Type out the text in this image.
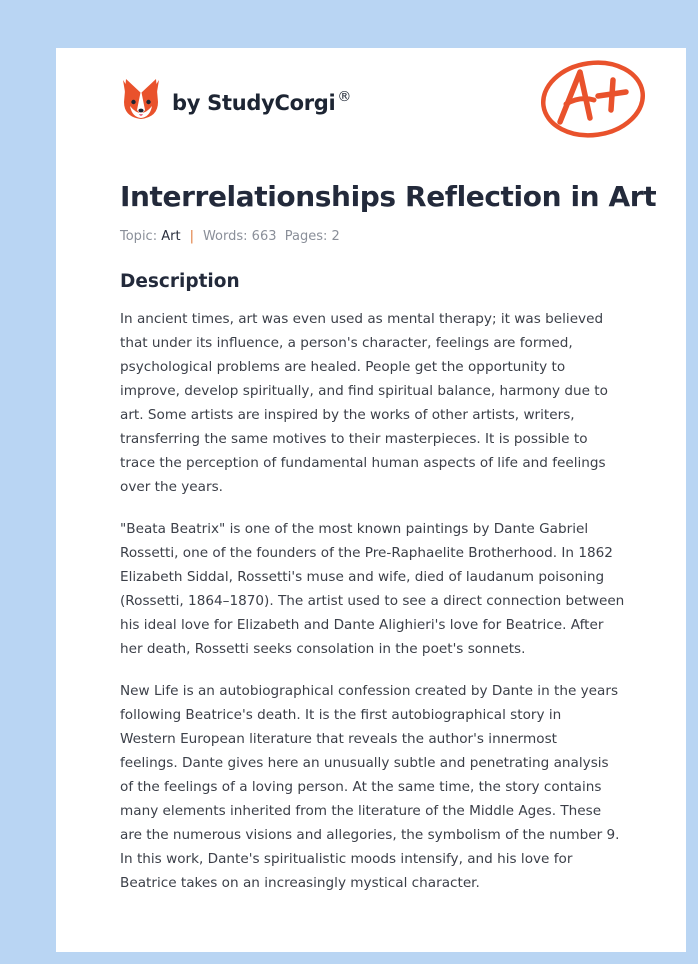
by StudyCorgi ®
Interrelationships Reflection in Art
Topic: Art | Words: 663 Pages: 2
Description

In ancient times, art was even used as mental therapy; it was believed
that under its influence, a person's character, feelings are formed,
psychological problems are healed. People get the opportunity to
improve, develop spiritually, and find spiritual balance, harmony due to
art. Some artists are inspired by the works of other artists, writers,
transferring the same motives to their masterpieces. It is possible to
trace the perception of fundamental human aspects of life and feelings
over the years.

"Beata Beatrix" is one of the most known paintings by Dante Gabriel
Rossetti, one of the founders of the Pre-Raphaelite Brotherhood. In 1862
Elizabeth Siddal, Rossetti's muse and wife, died of laudanum poisoning
(Rossetti, 1864–1870). The artist used to see a direct connection between
his ideal love for Elizabeth and Dante Alighieri's love for Beatrice. After
her death, Rossetti seeks consolation in the poet's sonnets.

New Life is an autobiographical confession created by Dante in the years
following Beatrice's death. It is the first autobiographical story in
Western European literature that reveals the author's innermost
feelings. Dante gives here an unusually subtle and penetrating analysis
of the feelings of a loving person. At the same time, the story contains
many elements inherited from the literature of the Middle Ages. These
are the numerous visions and allegories, the symbolism of the number 9.
In this work, Dante's spiritualistic moods intensify, and his love for
Beatrice takes on an increasingly mystical character.
